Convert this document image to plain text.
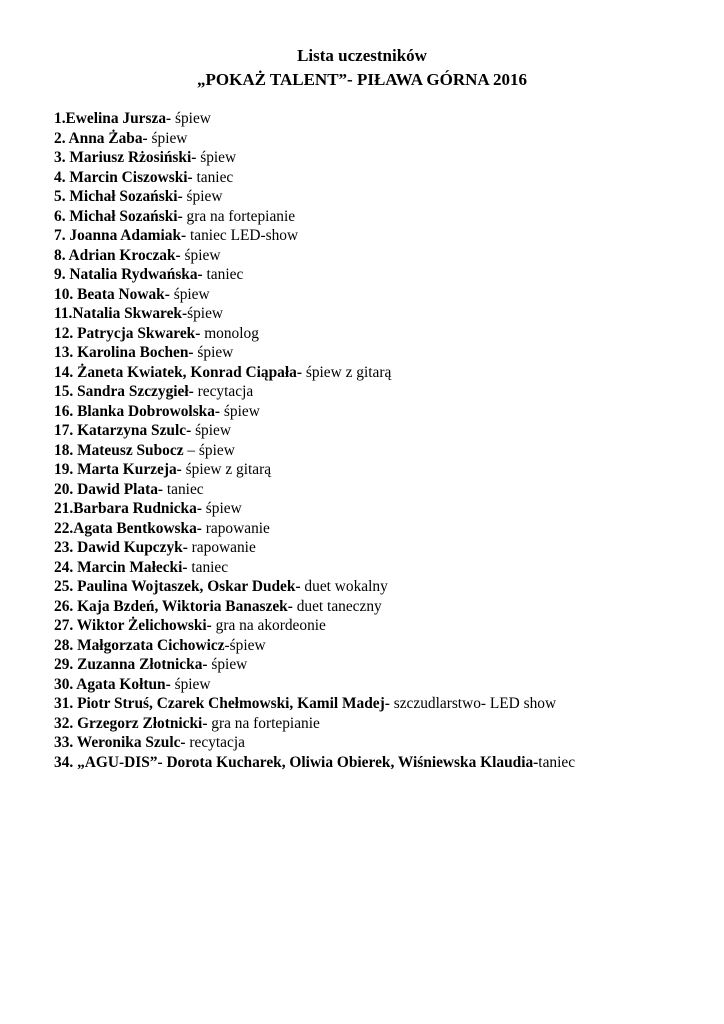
Lista uczestników
„POKAŻ TALENT”- PIŁAWA GÓRNA 2016
1.Ewelina Jursza- śpiew
2. Anna Żaba- śpiew
3. Mariusz Rżosiński- śpiew
4. Marcin Ciszowski- taniec
5. Michał Sozański- śpiew
6. Michał Sozański- gra na fortepianie
7. Joanna Adamiak- taniec LED-show
8. Adrian Kroczak- śpiew
9. Natalia Rydwańska- taniec
10. Beata Nowak- śpiew
11.Natalia Skwarek-śpiew
12. Patrycja Skwarek- monolog
13. Karolina Bochen- śpiew
14. Żaneta Kwiatek, Konrad Ciąpała- śpiew z gitarą
15. Sandra Szczygieł- recytacja
16. Blanka Dobrowolska- śpiew
17. Katarzyna Szulc- śpiew
18. Mateusz Subocz – śpiew
19. Marta Kurzeja- śpiew z gitarą
20. Dawid Plata- taniec
21.Barbara Rudnicka- śpiew
22.Agata Bentkowska- rapowanie
23. Dawid Kupczyk- rapowanie
24. Marcin Małecki- taniec
25. Paulina Wojtaszek, Oskar Dudek- duet wokalny
26. Kaja Bzdeń, Wiktoria Banaszek- duet taneczny
27. Wiktor Żelichowski- gra na akordeonie
28. Małgorzata Cichowicz-śpiew
29. Zuzanna Złotnicka- śpiew
30. Agata Kołtun- śpiew
31. Piotr Struś, Czarek Chełmowski, Kamil Madej- szczudlarstwo- LED show
32. Grzegorz Złotnicki- gra na fortepianie
33. Weronika Szulc- recytacja
34. „AGU-DIS”- Dorota Kucharek, Oliwia Obierek, Wiśniewska Klaudia-taniec
